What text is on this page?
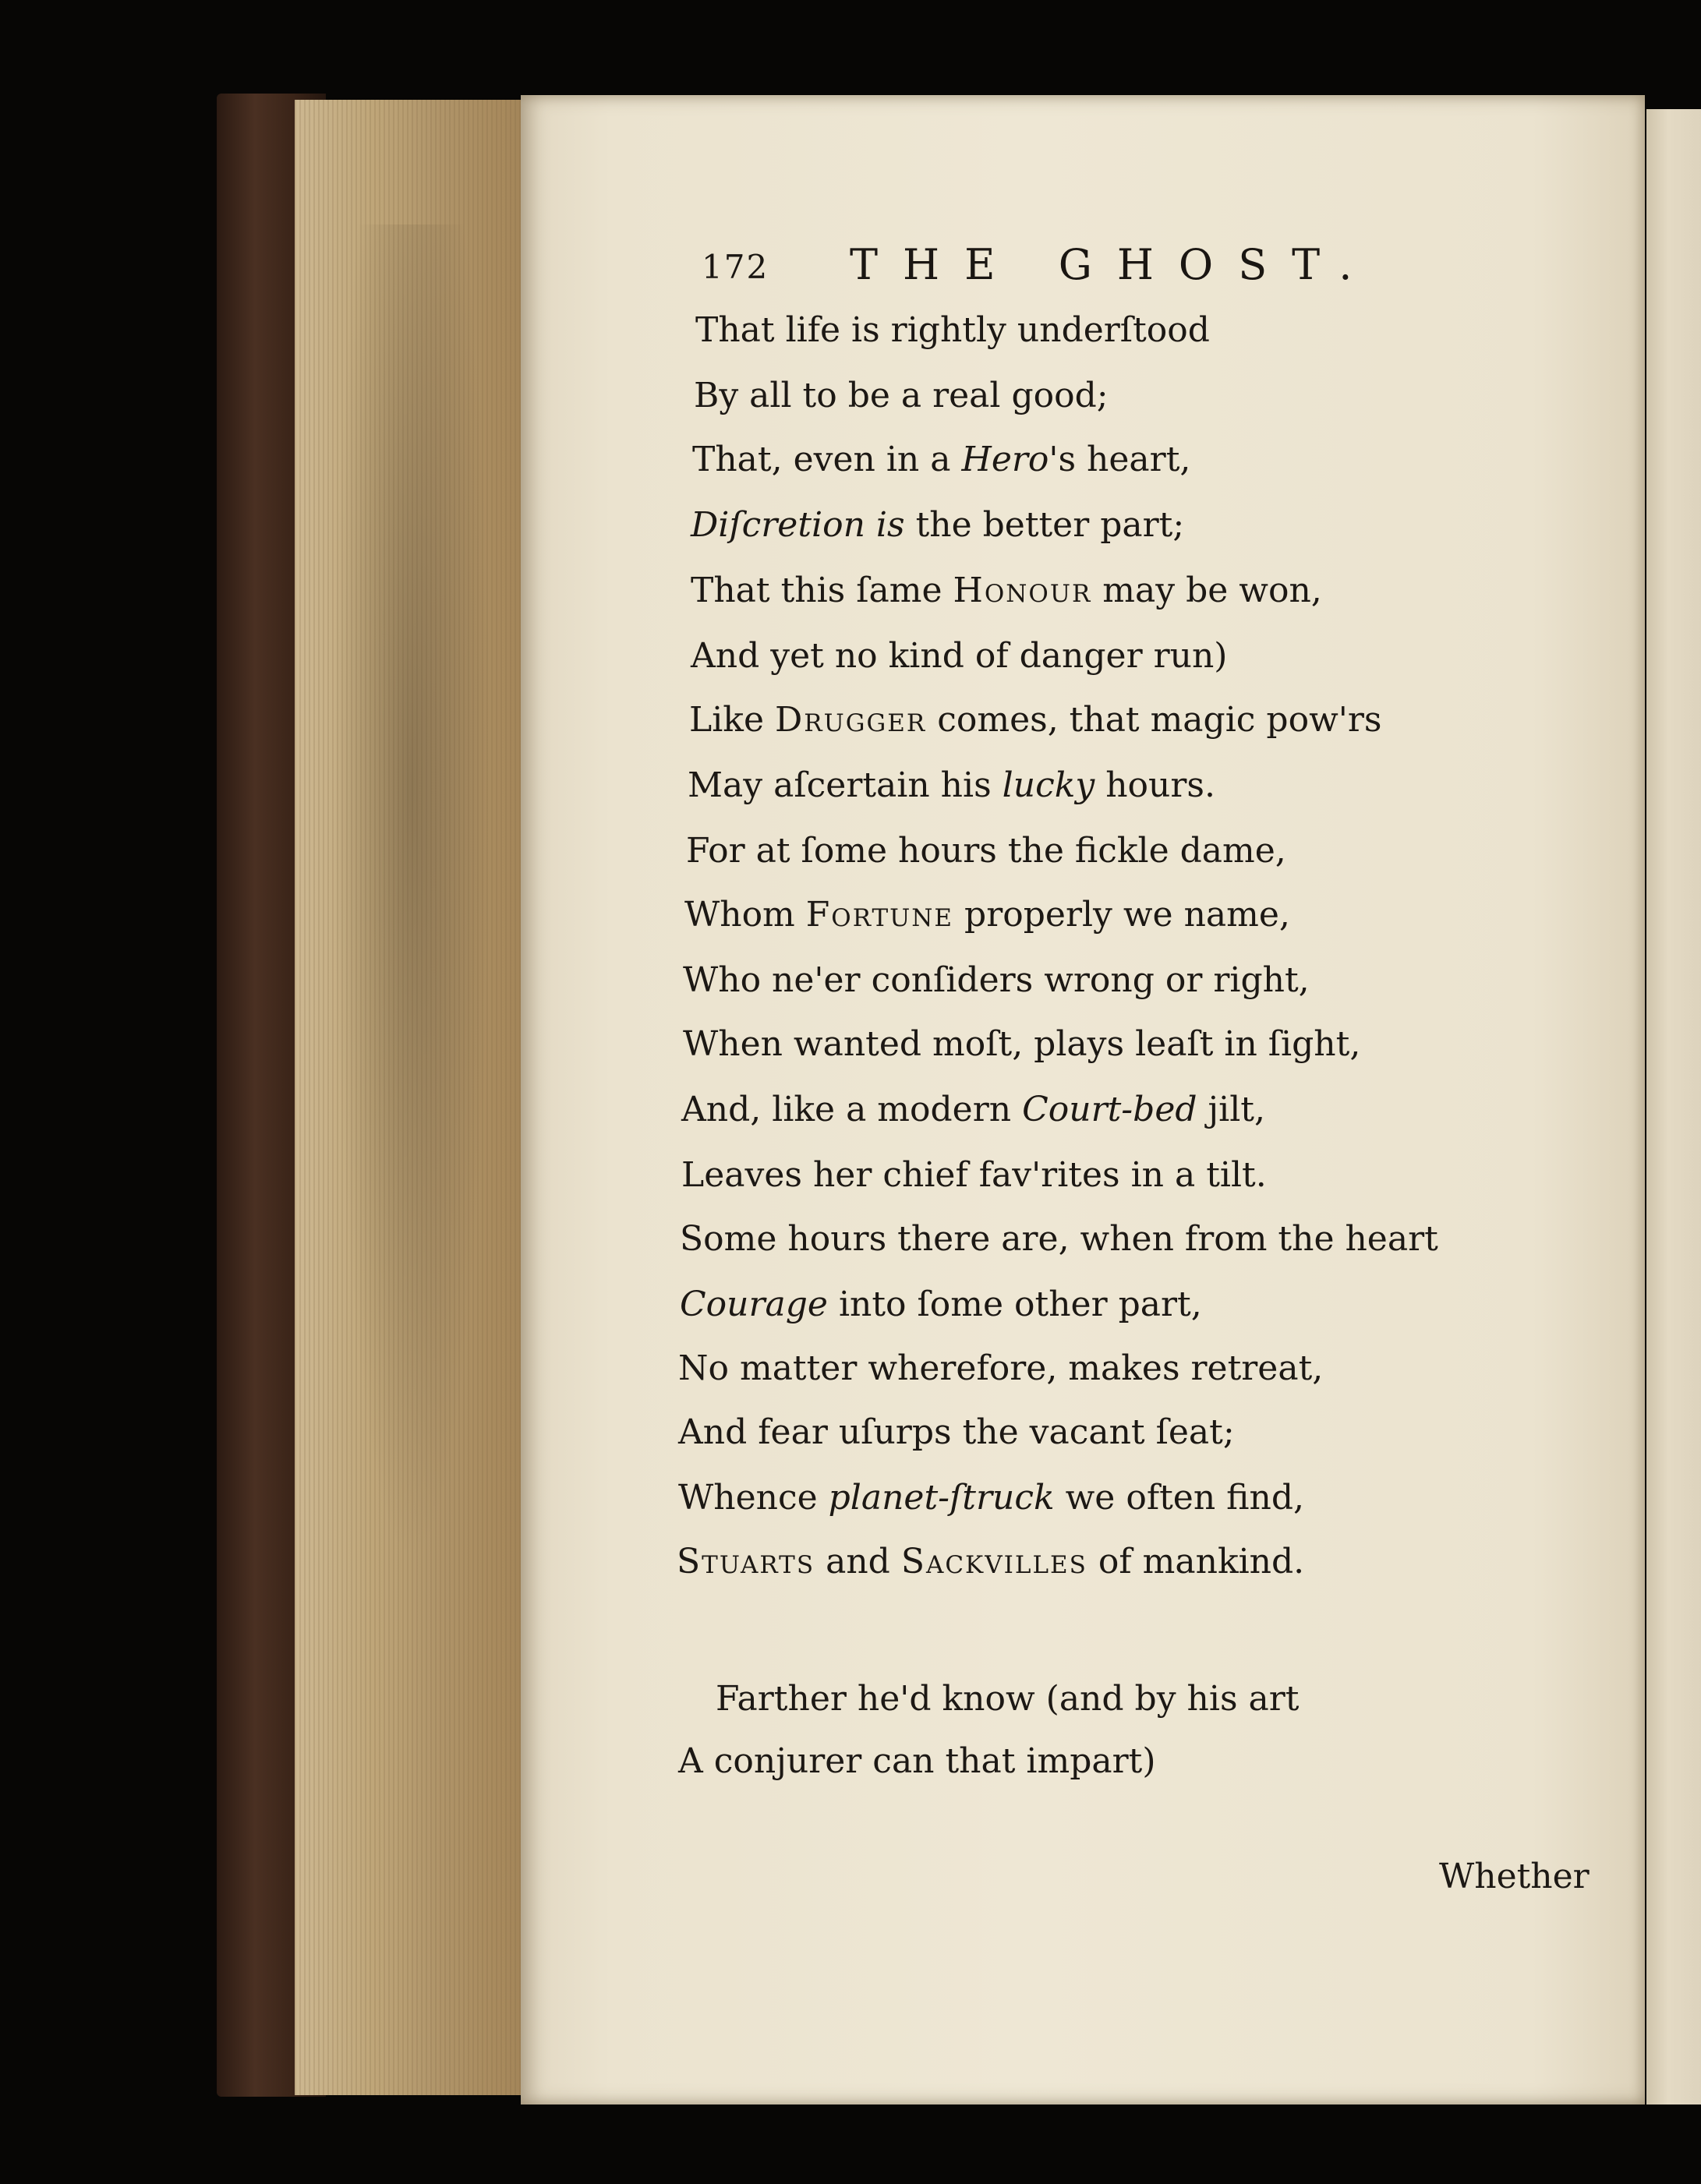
172 THE GHOST.
That life is rightly underſtood
By all to be a real good;
That, even in a Hero's heart,
Diſcretion is the better part;
That this ſame Honour may be won,
And yet no kind of danger run)
Like Drugger comes, that magic pow'rs
May aſcertain his lucky hours.
For at ſome hours the fickle dame,
Whom Fortune properly we name,
Who ne'er conſiders wrong or right,
When wanted moſt, plays leaſt in ſight,
And, like a modern Court-bed jilt,
Leaves her chief fav'rites in a tilt.
Some hours there are, when from the heart
Courage into ſome other part,
No matter wherefore, makes retreat,
And fear uſurps the vacant ſeat;
Whence planet-ſtruck we often find,
Stuarts and Sackvilles of mankind.
Farther he'd know (and by his art
A conjurer can that impart)
Whether
